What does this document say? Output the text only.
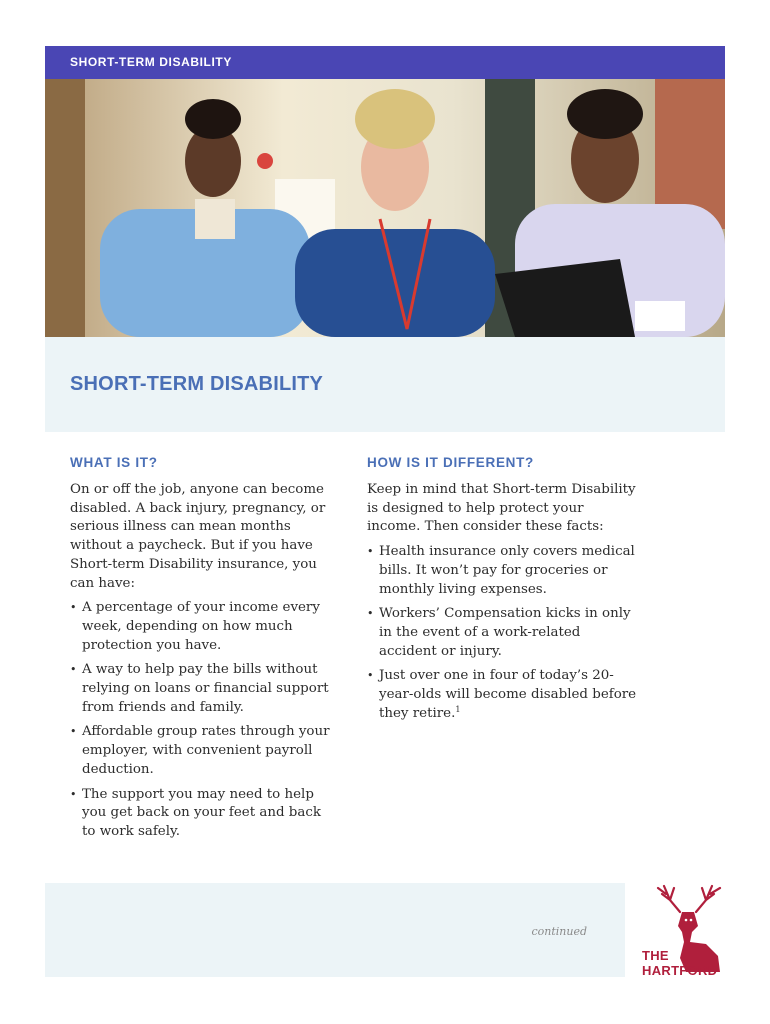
SHORT-TERM DISABILITY
SHORT-TERM DISABILITY
WHAT IS IT?

On or off the job, anyone can become disabled. A back injury, pregnancy, or serious illness can mean months without a paycheck. But if you have Short-term Disability insurance, you can have:

• A percentage of your income every week, depending on how much protection you have.
• A way to help pay the bills without relying on loans or financial support from friends and family.
• Affordable group rates through your employer, with convenient payroll deduction.
• The support you may need to help you get back on your feet and back to work safely.
HOW IS IT DIFFERENT?

Keep in mind that Short-term Disability is designed to help protect your income. Then consider these facts:

• Health insurance only covers medical bills. It won’t pay for groceries or monthly living expenses.
• Workers’ Compensation kicks in only in the event of a work-related accident or injury.
• Just over one in four of today’s 20-year-olds will become disabled before they retire.$^1$
continued
THE
HARTFORD
